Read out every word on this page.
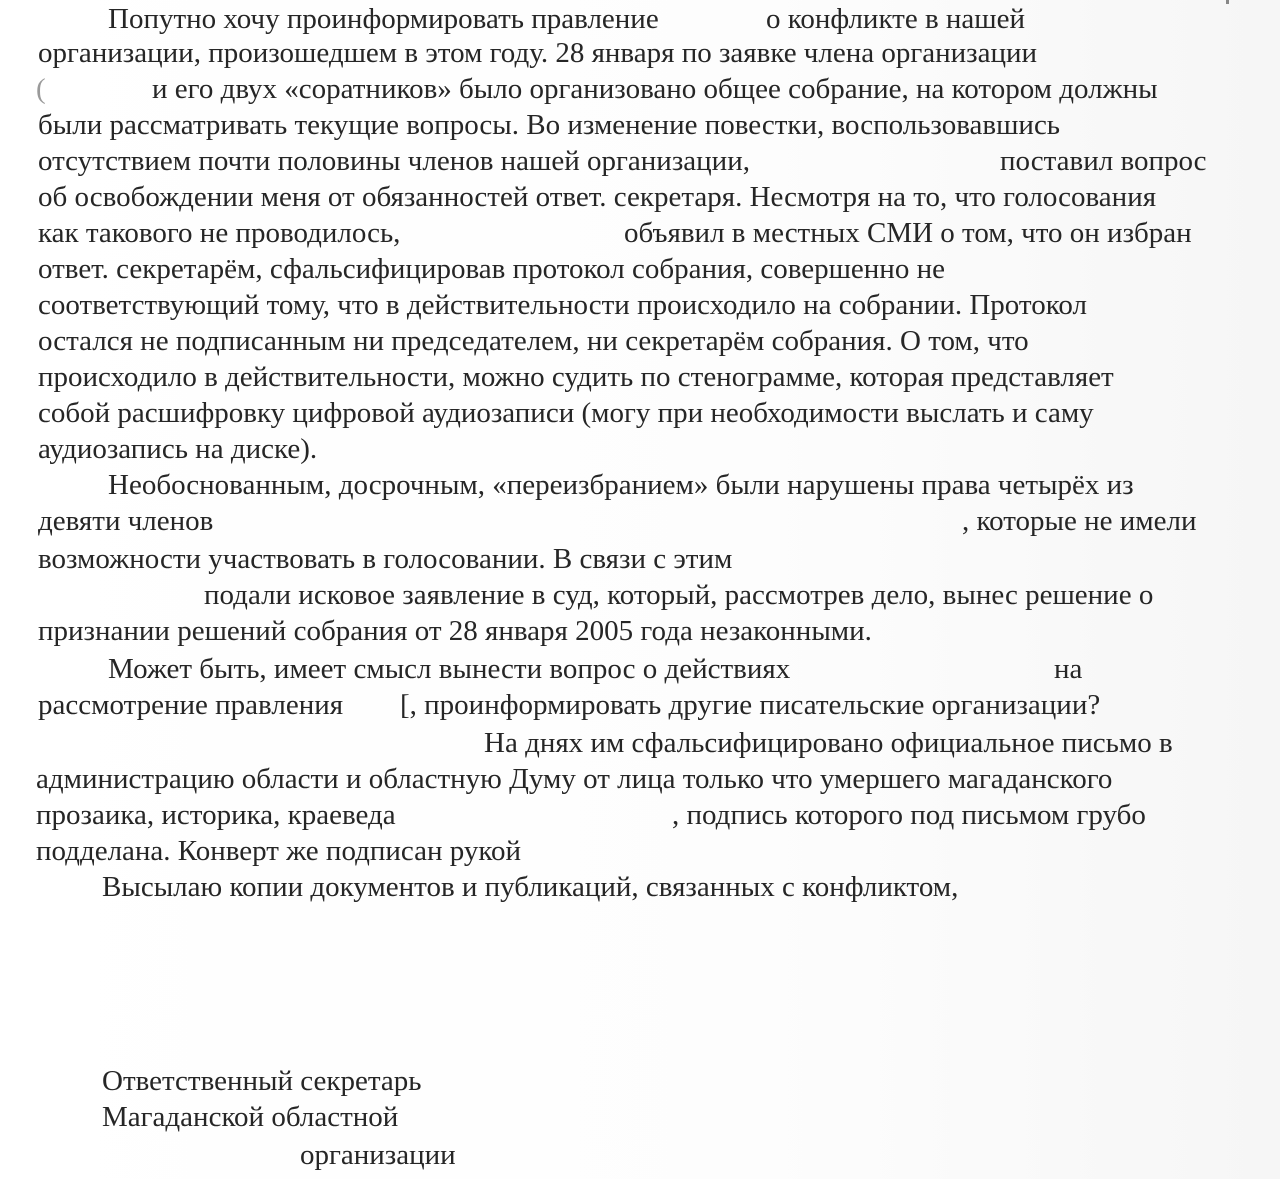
Попутно хочу проинформировать правление	о конфликте в нашей
организации, произошедшем в этом году. 28 января по заявке члена организации
(	и его двух «соратников» было организовано общее собрание, на котором должны
были рассматривать текущие вопросы. Во изменение повестки, воспользовавшись
отсутствием почти половины членов нашей организации,	поставил вопрос
об освобождении меня от обязанностей ответ. секретаря. Несмотря на то, что голосования
как такового не проводилось,	объявил в местных СМИ о том, что он избран
ответ. секретарём, сфальсифицировав протокол собрания, совершенно не
соответствующий тому, что в действительности происходило на собрании. Протокол
остался не подписанным ни председателем, ни секретарём собрания. О том, что
происходило в действительности, можно судить по стенограмме, которая представляет
собой расшифровку цифровой аудиозаписи (могу при необходимости выслать и саму
аудиозапись на диске).
Необоснованным, досрочным, «переизбранием» были нарушены права четырёх из
девяти членов	, которые не имели
возможности участвовать в голосовании. В связи с этим
подали исковое заявление в суд, который, рассмотрев дело, вынес решение о
признании решений собрания от 28 января 2005 года незаконными.
Может быть, имеет смысл вынести вопрос о действиях	на
рассмотрение правления [, проинформировать другие писательские организации?
На днях им сфальсифицировано официальное письмо в
администрацию области и областную Думу от лица только что умершего магаданского
прозаика, историка, краеведа	, подпись которого под письмом грубо
подделана. Конверт же подписан рукой
Высылаю копии документов и публикаций, связанных с конфликтом,
Ответственный секретарь
Магаданской областной
организации
